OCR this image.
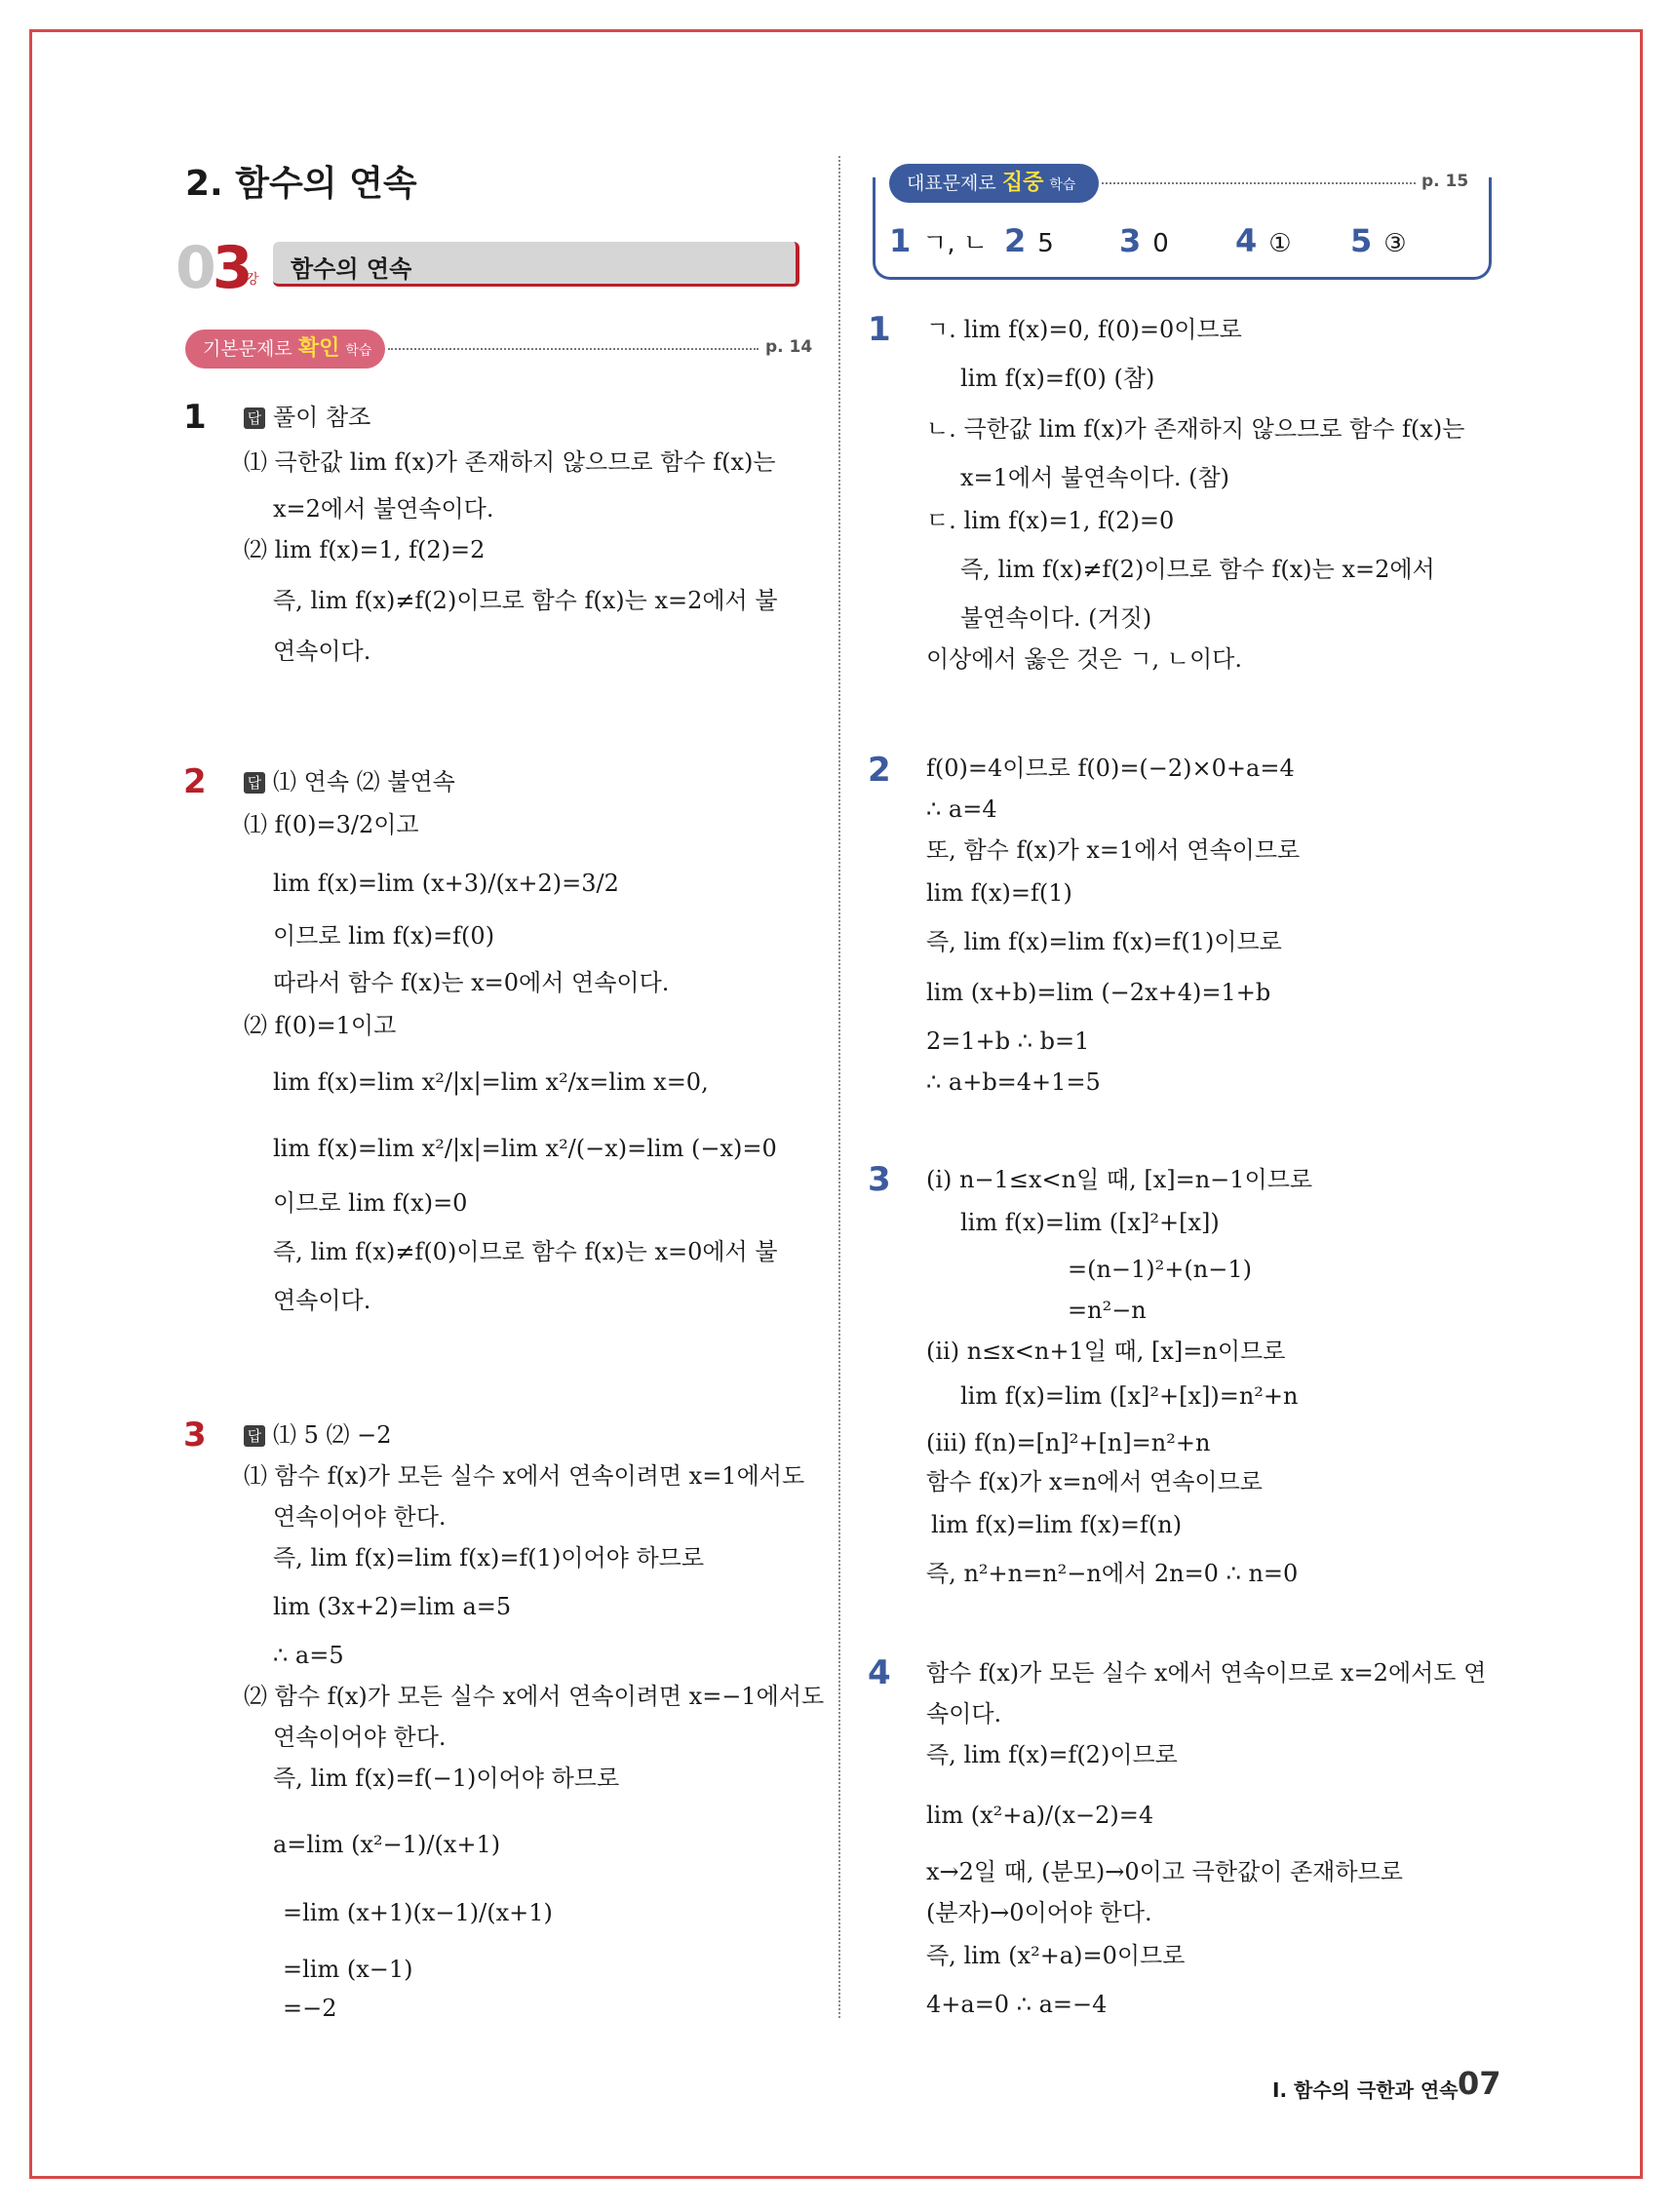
2. 함수의 연속
03
강 함수의 연속
기본문제로 확인 학습	p. 14
대표문제로 집중 학습	p. 15
1 ㄱ, ㄴ 2 5 3 0 4 ① 5 ③
1	답 풀이 참조
⑴ 극한값 lim f(x)가 존재하지 않으므로 함수 f(x)는
x=2에서 불연속이다.
⑵ lim f(x)=1, f(2)=2
즉, lim f(x)≠f(2)이므로 함수 f(x)는 x=2에서 불
연속이다.
2	답 ⑴ 연속 ⑵ 불연속
⑴ f(0)=3/2이고
lim f(x)=lim (x+3)/(x+2)=3/2
이므로 lim f(x)=f(0)
따라서 함수 f(x)는 x=0에서 연속이다.
⑵ f(0)=1이고
lim f(x)=lim x²/|x|=lim x²/x=lim x=0,
lim f(x)=lim x²/|x|=lim x²/(−x)=lim (−x)=0
이므로 lim f(x)=0
즉, lim f(x)≠f(0)이므로 함수 f(x)는 x=0에서 불
연속이다.
3	답 ⑴ 5 ⑵ −2
⑴ 함수 f(x)가 모든 실수 x에서 연속이려면 x=1에서도
연속이어야 한다.
즉, lim f(x)=lim f(x)=f(1)이어야 하므로
lim (3x+2)=lim a=5
∴ a=5
⑵ 함수 f(x)가 모든 실수 x에서 연속이려면 x=−1에서도
연속이어야 한다.
즉, lim f(x)=f(−1)이어야 하므로
a=lim (x²−1)/(x+1)
=lim (x+1)(x−1)/(x+1)
=lim (x−1)
=−2
1 ㄱ. lim f(x)=0, f(0)=0이므로
lim f(x)=f(0) (참)
ㄴ. 극한값 lim f(x)가 존재하지 않으므로 함수 f(x)는
x=1에서 불연속이다. (참)
ㄷ. lim f(x)=1, f(2)=0
즉, lim f(x)≠f(2)이므로 함수 f(x)는 x=2에서
불연속이다. (거짓)
이상에서 옳은 것은 ㄱ, ㄴ이다.
2 f(0)=4이므로 f(0)=(−2)×0+a=4
∴ a=4
또, 함수 f(x)가 x=1에서 연속이므로
lim f(x)=f(1)
즉, lim f(x)=lim f(x)=f(1)이므로
lim (x+b)=lim (−2x+4)=1+b
2=1+b ∴ b=1
∴ a+b=4+1=5
3 (ⅰ) n−1≤x<n일 때, [x]=n−1이므로
lim f(x)=lim ([x]²+[x])
=(n−1)²+(n−1)
=n²−n
(ⅱ) n≤x<n+1일 때, [x]=n이므로
lim f(x)=lim ([x]²+[x])=n²+n
(ⅲ) f(n)=[n]²+[n]=n²+n
함수 f(x)가 x=n에서 연속이므로
lim f(x)=lim f(x)=f(n)
즉, n²+n=n²−n에서 2n=0 ∴ n=0
4 함수 f(x)가 모든 실수 x에서 연속이므로 x=2에서도 연
속이다.
즉, lim f(x)=f(2)이므로
lim (x²+a)/(x−2)=4
x→2일 때, (분모)→0이고 극한값이 존재하므로
(분자)→0이어야 한다.
즉, lim (x²+a)=0이므로
4+a=0 ∴ a=−4
I. 함수의 극한과 연속 07
